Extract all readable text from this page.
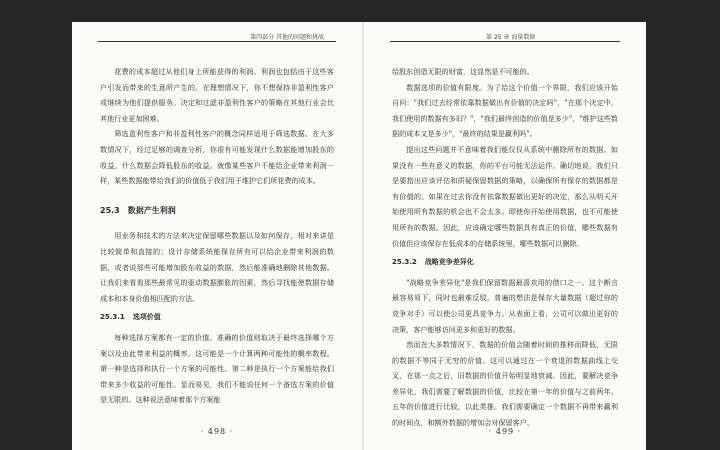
第四部分 其他的问题和挑战

花费的成本超过从他们身上所能获得的利润。利润也包括由于这些客户引发而带来的生意所产生的。在理想情况下，你不想保持非盈利性客户或继续为他们提供服务。决定和过滤非盈利性客户的策略在其他行业会比其他行业更加困难。

筛选盈利性客户和非盈利性客户的概念同样适用于筛选数据。在大多数情况下，经过足够的调查分析，你很有可能发现什么数据能增加股东的收益，什么数据会降低股东的收益。就像某些客户不能给企业带来利润一样，某些数据能带给我们的价值低于我们用于维护它们所花费的成本。

25.3 数据产生利润

用业务和技术的方法来决定保留哪些数据以及如何保存，相对来讲是比较简单和直接的；设计存储系统能保存所有可以给企业带来利润的数据，或者说那些可能增加股东收益的数据，然后能准确地删除其他数据。让我们来看看那些最常见的驱动数据膨胀的因素，然后寻找能使数据存储成本和本身价值相匹配的方法。

25.3.1 选项价值

每种选择方案都有一定的价值。准确的价值则取决于最终选择哪个方案以及由此带来利益的概率。这可能是一个计算两种可能性的概率数程。第一种是选择和执行一个方案的可能性。第二种是执行一个方案能给我们带来多少收益的可能性。显而易见，我们不能说任何一个备选方案的价值是无限的。这种说法意味着那个方案能

· 498 ·
第 25 章 海量数据

给股东创造无限的财富，这显然是不可能的。

数据选项的价值有限度。为了给这个价值一个界限，我们应该开始自问："我们过去经常依靠数据做出有价值的决定吗"，"在那个决定中，我们使用的数据有多旧？"，"我们最终创造的价值是多少"，"维护这些数据的成本又是多少"，"最终的结果是赢利吗"。

提出这些问题并不意味着我们能仅仅从系统中删除所有的数据。如果没有一些有意义的数据，你的平台可能无法运作。确切地说，我们只是要指出应该评估和质疑保留数据的策略，以确保所有保存的数据都是有价值的。如果在过去你没有依靠数据做出更好的决定，那么从明天开始使用所有数据的机会也不会太多。即使你开始使用数据，也不可能使用所有的数据。因此，应该确定哪些数据具有真正的价值，哪些数据有价值但应该保存在低成本的存储系统里，哪些数据可以删除。

25.3.2 战略竞争差异化

"战略竞争差异化"是我们保留数据最喜欢用的借口之一。这个断言最容易易下，同时也最难反驳。普遍的想法是保存大量数据（超过你的竞争对手）可以使公司更具竞争力。从表面上看，公司可以做出更好的决策，客户能够访问更多和更好的数据。

然而在大多数情况下，数据的价值会随着时间的推移而降低，无限的数据不等同于无穷的价值。这可以通过在一个衰退的数据曲线上交叉，在那一点之后，旧数据的价值开始明显地衰减。因此，要解决竞争差异化，我们需要了解数据的价值，比较在第一年的价值与之前两年、五年的价值进行比较，以此类推。我们需要确定一个数据不再带来赢利的时间点，和额外数据的增加会对保留客户、

· 499 ·
